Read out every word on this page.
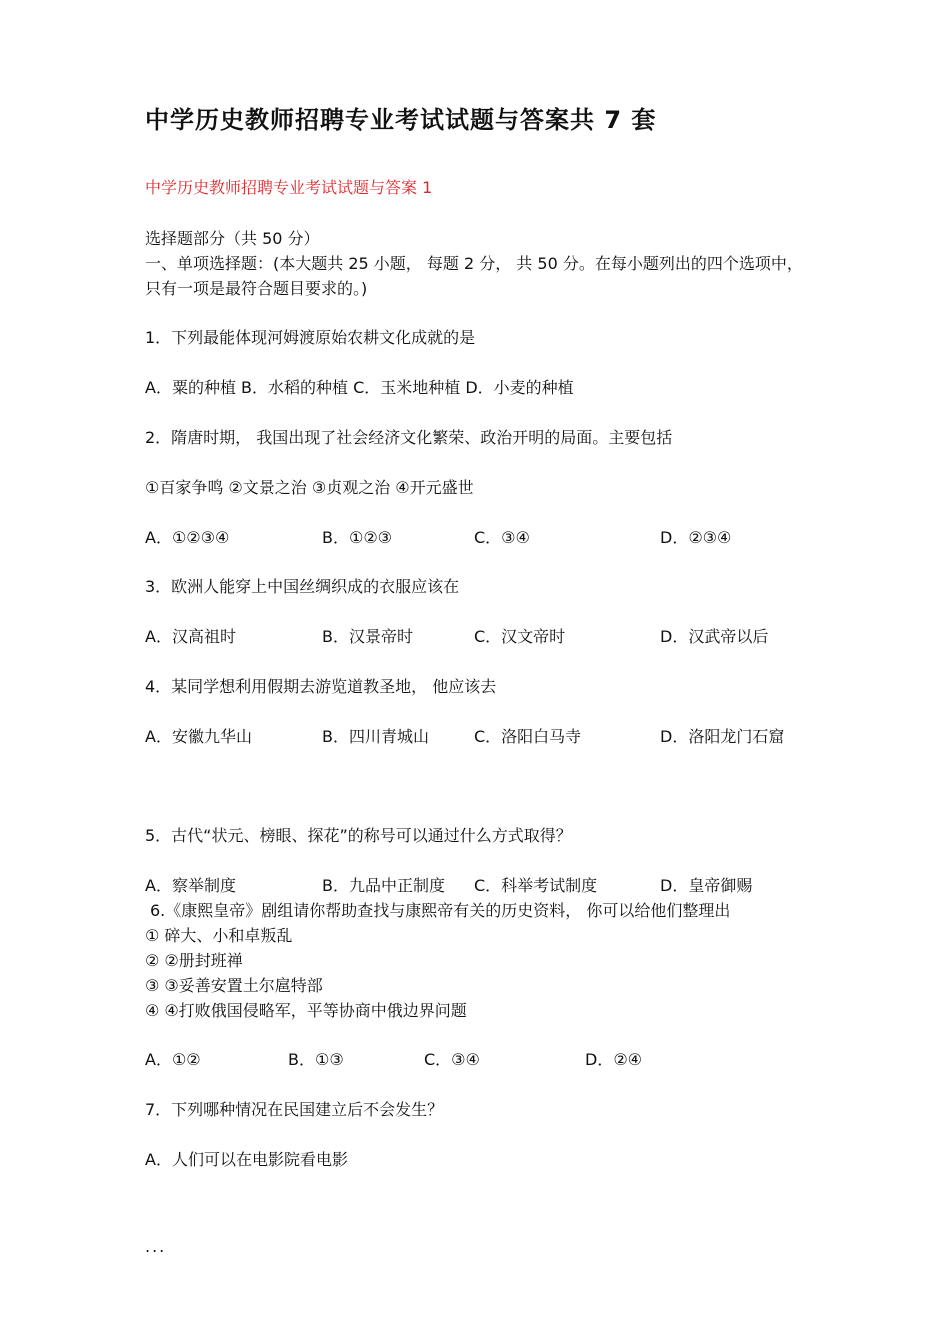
中学历史教师招聘专业考试试题与答案共 7 套
中学历史教师招聘专业考试试题与答案 1
选择题部分（共 50 分）
一、单项选择题：(本大题共 25 小题， 每题 2 分， 共 50 分。在每小题列出的四个选项中，
只有一项是最符合题目要求的。)
1．下列最能体现河姆渡原始农耕文化成就的是
A．粟的种植 B．水稻的种植 C．玉米地种植 D．小麦的种植
2．隋唐时期， 我国出现了社会经济文化繁荣、政治开明的局面。主要包括
①百家争鸣 ②文景之治 ③贞观之治 ④开元盛世
A．①②③④	B．①②③	C．③④	D．②③④
3．欧洲人能穿上中国丝绸织成的衣服应该在
A．汉高祖时	B．汉景帝时	C．汉文帝时	D．汉武帝以后
4．某同学想利用假期去游览道教圣地， 他应该去
A．安徽九华山	B．四川青城山	C．洛阳白马寺	D．洛阳龙门石窟
5．古代“状元、榜眼、探花”的称号可以通过什么方式取得？
A．察举制度	B．九品中正制度 C．科举考试制度	D．皇帝御赐
6.《康熙皇帝》剧组请你帮助查找与康熙帝有关的历史资料， 你可以给他们整理出
① 碎大、小和卓叛乱
② ②册封班禅
③ ③妥善安置土尔扈特部
④ ④打败俄国侵略军，平等协商中俄边界问题
A．①②	B．①③	C．③④	D．②④
7．下列哪种情况在民国建立后不会发生？
A．人们可以在电影院看电影
...
